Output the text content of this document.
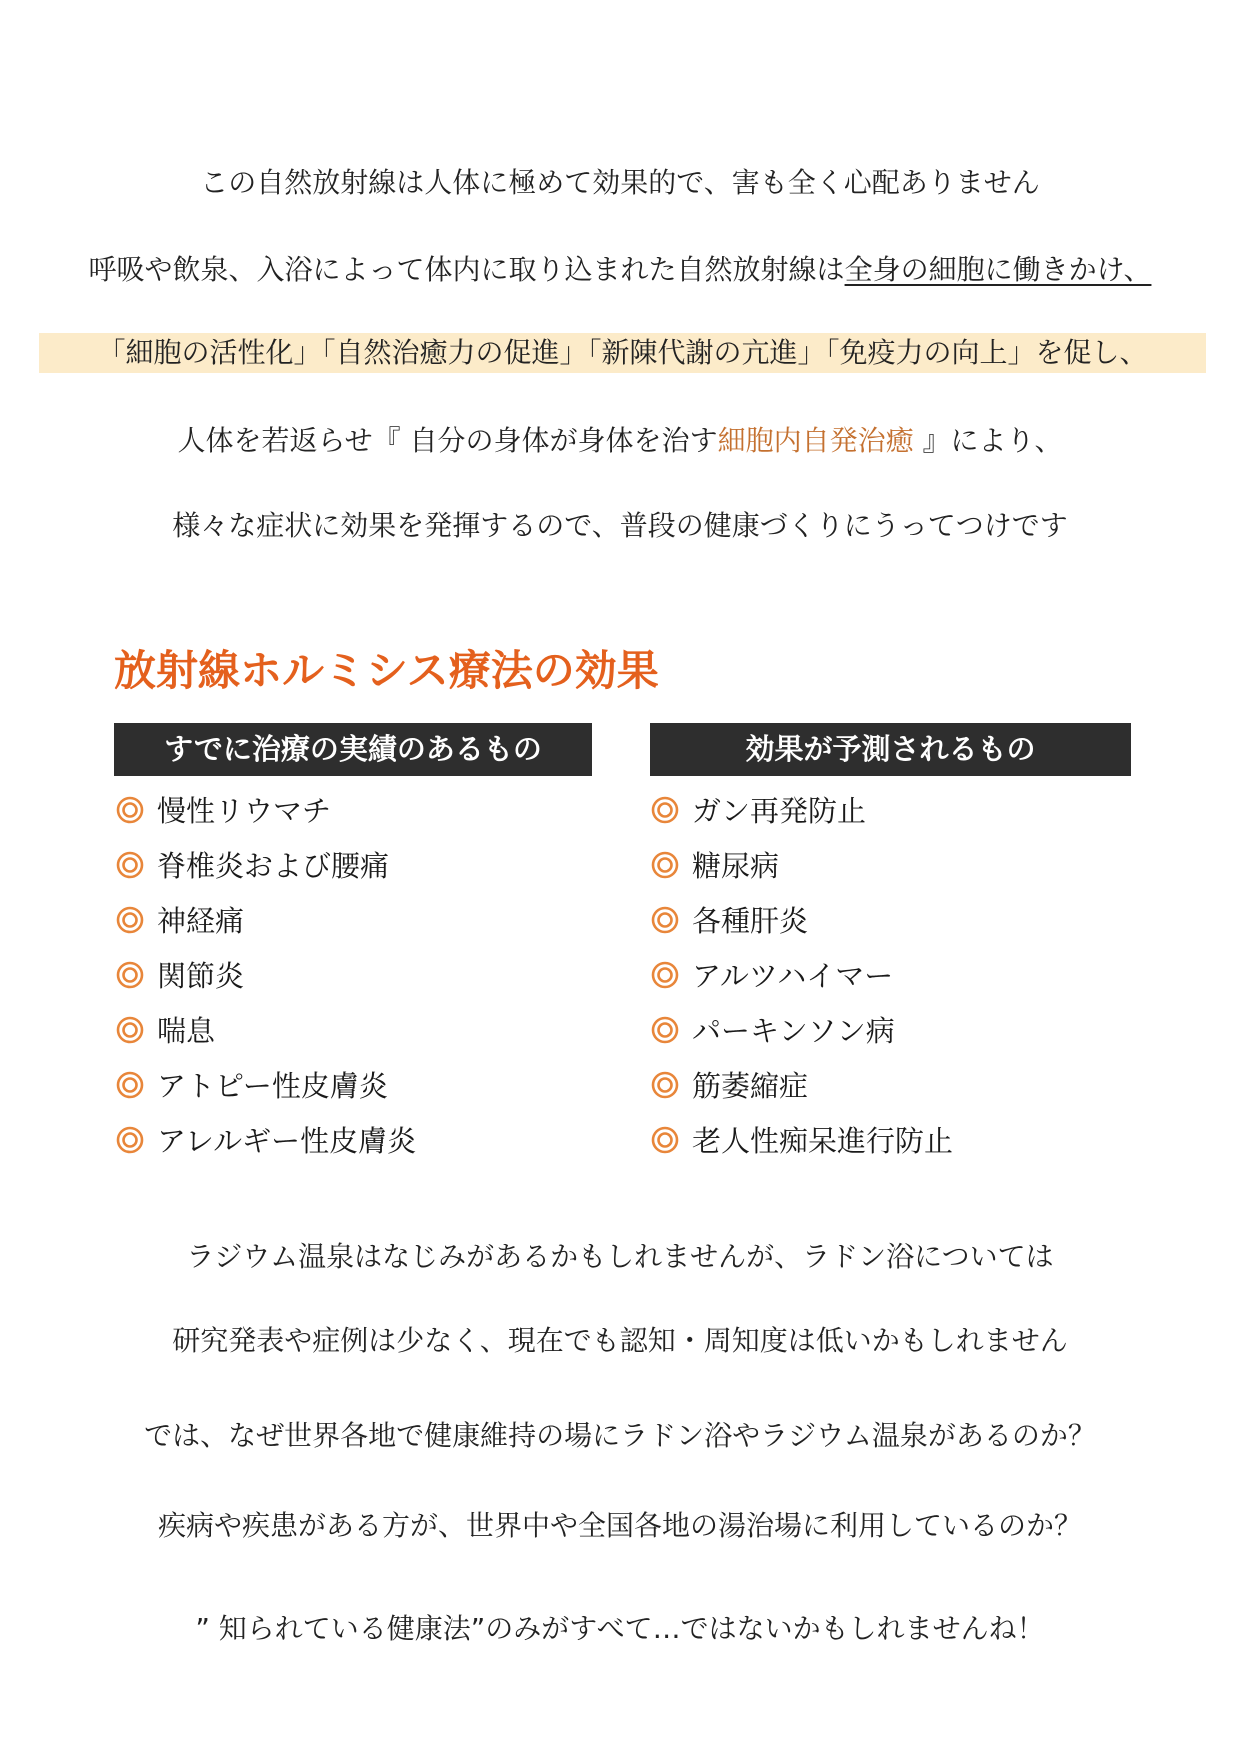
この自然放射線は人体に極めて効果的で、害も全く心配ありません
呼吸や飲泉、入浴によって体内に取り込まれた自然放射線は全身の細胞に働きかけ、
「細胞の活性化」「自然治癒力の促進」「新陳代謝の亢進」「免疫力の向上」を促し、
人体を若返らせ『 自分の身体が身体を治す細胞内自発治癒 』により、
様々な症状に効果を発揮するので、普段の健康づくりにうってつけです
放射線ホルミシス療法の効果
すでに治療の実績のあるもの	効果が予測されるもの
慢性リウマチ
脊椎炎および腰痛
神経痛
関節炎
喘息
アトピー性皮膚炎
アレルギー性皮膚炎
ガン再発防止
糖尿病
各種肝炎
アルツハイマー
パーキンソン病
筋萎縮症
老人性痴呆進行防止
ラジウム温泉はなじみがあるかもしれませんが、ラドン浴については
研究発表や症例は少なく、現在でも認知・周知度は低いかもしれません
では、なぜ世界各地で健康維持の場にラドン浴やラジウム温泉があるのか？
疾病や疾患がある方が、世界中や全国各地の湯治場に利用しているのか？
” 知られている健康法”のみがすべて…ではないかもしれませんね！
